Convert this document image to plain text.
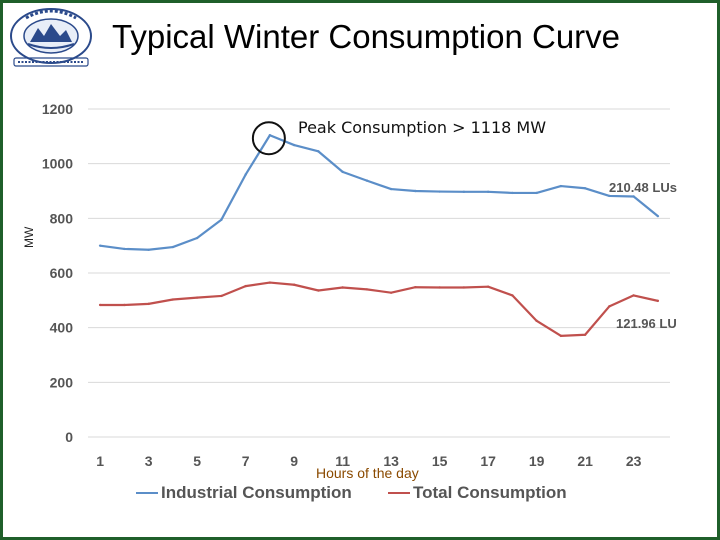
Typical Winter Consumption Curve
0
200
400
600
800
1000
1200
1	3	5	7	9	11 13 15 17 19 21 23
MW
Hours of the day
Industrial Consumption	Total Consumption
Peak Consumption > 1118 MW
210.48 LUs
121.96 LU
